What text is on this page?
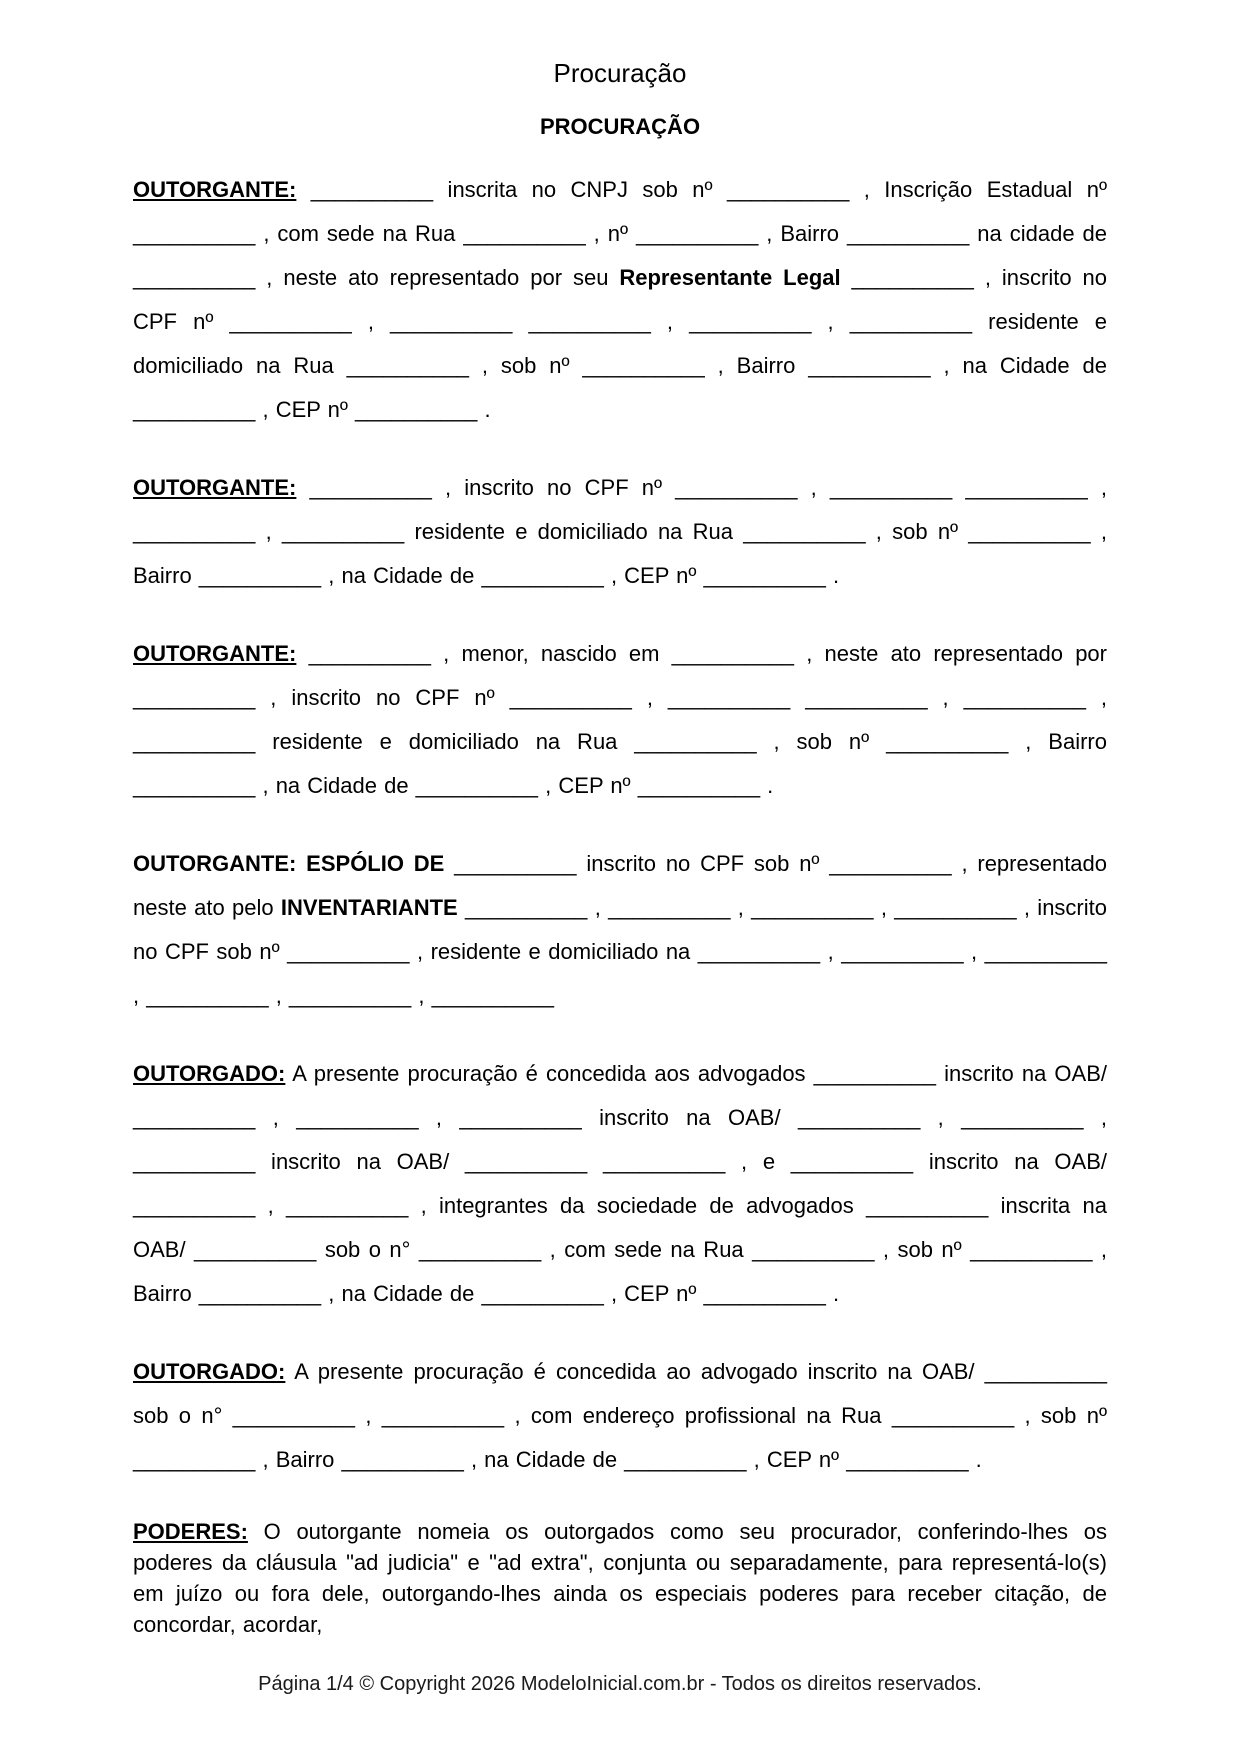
Procuração
PROCURAÇÃO

OUTORGANTE: __________ inscrita no CNPJ sob nº __________ , Inscrição Estadual nº __________ , com sede na Rua __________ , nº __________ , Bairro __________ na cidade de __________ , neste ato representado por seu Representante Legal __________ , inscrito no CPF nº __________ , __________ __________ , __________ , __________ residente e domiciliado na Rua __________ , sob nº __________ , Bairro __________ , na Cidade de __________ , CEP nº __________ .

OUTORGANTE: __________ , inscrito no CPF nº __________ , __________ __________ , __________ , __________ residente e domiciliado na Rua __________ , sob nº __________ , Bairro __________ , na Cidade de __________ , CEP nº __________ .

OUTORGANTE: __________ , menor, nascido em __________ , neste ato representado por __________ , inscrito no CPF nº __________ , __________ __________ , __________ , __________ residente e domiciliado na Rua __________ , sob nº __________ , Bairro __________ , na Cidade de __________ , CEP nº __________ .

OUTORGANTE: ESPÓLIO DE __________ inscrito no CPF sob nº __________ , representado neste ato pelo INVENTARIANTE __________ , __________ , __________ , __________ , inscrito no CPF sob nº __________ , residente e domiciliado na __________ , __________ , __________ , __________ , __________ , __________

OUTORGADO: A presente procuração é concedida aos advogados __________ inscrito na OAB/ __________ , __________ , __________ inscrito na OAB/ __________ , __________ , __________ inscrito na OAB/ __________ __________ , e __________ inscrito na OAB/ __________ , __________ , integrantes da sociedade de advogados __________ inscrita na OAB/ __________ sob o n° __________ , com sede na Rua __________ , sob nº __________ , Bairro __________ , na Cidade de __________ , CEP nº __________ .

OUTORGADO: A presente procuração é concedida ao advogado inscrito na OAB/ __________ sob o n° __________ , __________ , com endereço profissional na Rua __________ , sob nº __________ , Bairro __________ , na Cidade de __________ , CEP nº __________ .

PODERES: O outorgante nomeia os outorgados como seu procurador, conferindo-lhes os poderes da cláusula "ad judicia" e "ad extra", conjunta ou separadamente, para representá-lo(s) em juízo ou fora dele, outorgando-lhes ainda os especiais poderes para receber citação, de concordar, acordar,

Página 1/4 © Copyright 2026 ModeloInicial.com.br - Todos os direitos reservados.
